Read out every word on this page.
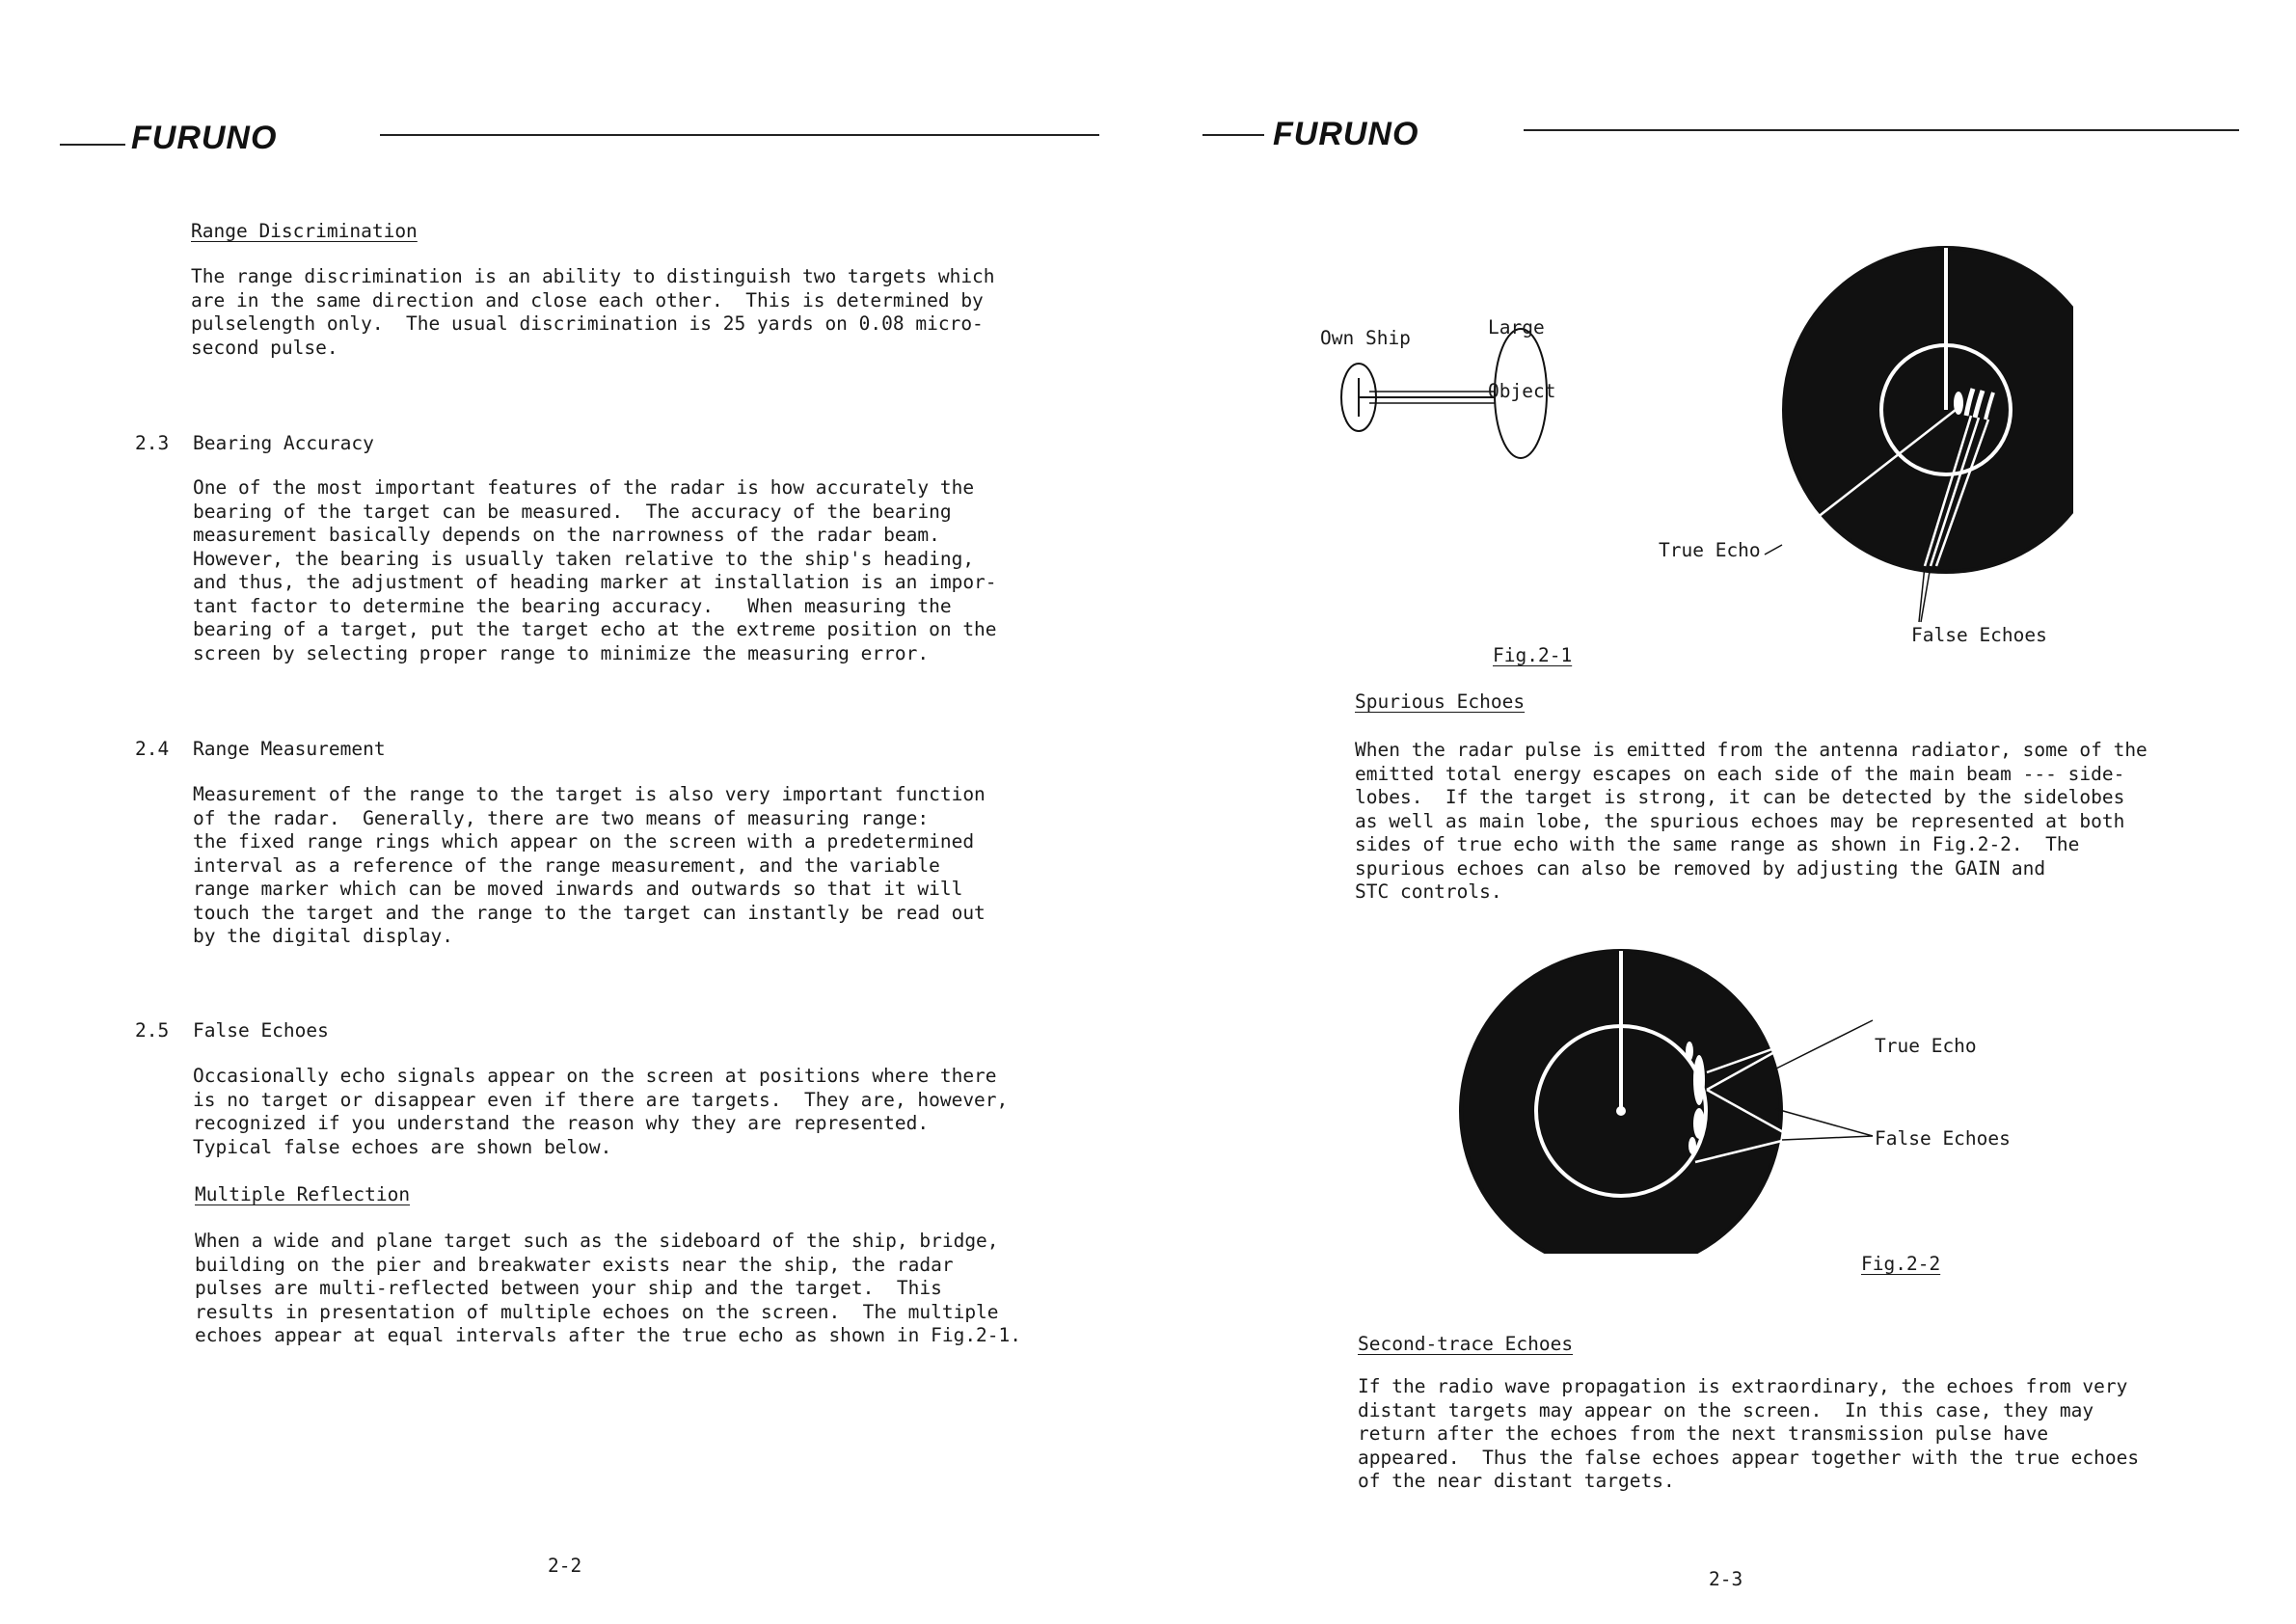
FURUNO
Range Discrimination
The range discrimination is an ability to distinguish two targets which
are in the same direction and close each other.  This is determined by
pulselength only.  The usual discrimination is 25 yards on 0.08 micro-
second pulse.
2.3 Bearing Accuracy
One of the most important features of the radar is how accurately the
bearing of the target can be measured.  The accuracy of the bearing
measurement basically depends on the narrowness of the radar beam.
However, the bearing is usually taken relative to the ship's heading,
and thus, the adjustment of heading marker at installation is an impor-
tant factor to determine the bearing accuracy.   When measuring the
bearing of a target, put the target echo at the extreme position on the
screen by selecting proper range to minimize the measuring error.
2.4 Range Measurement
Measurement of the range to the target is also very important function
of the radar.  Generally, there are two means of measuring range:
the fixed range rings which appear on the screen with a predetermined
interval as a reference of the range measurement, and the variable
range marker which can be moved inwards and outwards so that it will
touch the target and the range to the target can instantly be read out
by the digital display.
2.5 False Echoes
Occasionally echo signals appear on the screen at positions where there
is no target or disappear even if there are targets.  They are, however,
recognized if you understand the reason why they are represented.
Typical false echoes are shown below.
Multiple Reflection
When a wide and plane target such as the sideboard of the ship, bridge,
building on the pier and breakwater exists near the ship, the radar
pulses are multi-reflected between your ship and the target.  This
results in presentation of multiple echoes on the screen.  The multiple
echoes appear at equal intervals after the true echo as shown in Fig.2-1.
2-2
FURUNO

Large

Object

Own Ship
True Echo
False Echoes
Fig.2-1
Spurious Echoes
When the radar pulse is emitted from the antenna radiator, some of the
emitted total energy escapes on each side of the main beam --- side-
lobes.  If the target is strong, it can be detected by the sidelobes
as well as main lobe, the spurious echoes may be represented at both
sides of true echo with the same range as shown in Fig.2-2.  The
spurious echoes can also be removed by adjusting the GAIN and
STC controls.
True Echo
False Echoes
Fig.2-2
Second-trace Echoes
If the radio wave propagation is extraordinary, the echoes from very
distant targets may appear on the screen.  In this case, they may
return after the echoes from the next transmission pulse have
appeared.  Thus the false echoes appear together with the true echoes
of the near distant targets.
2-3
